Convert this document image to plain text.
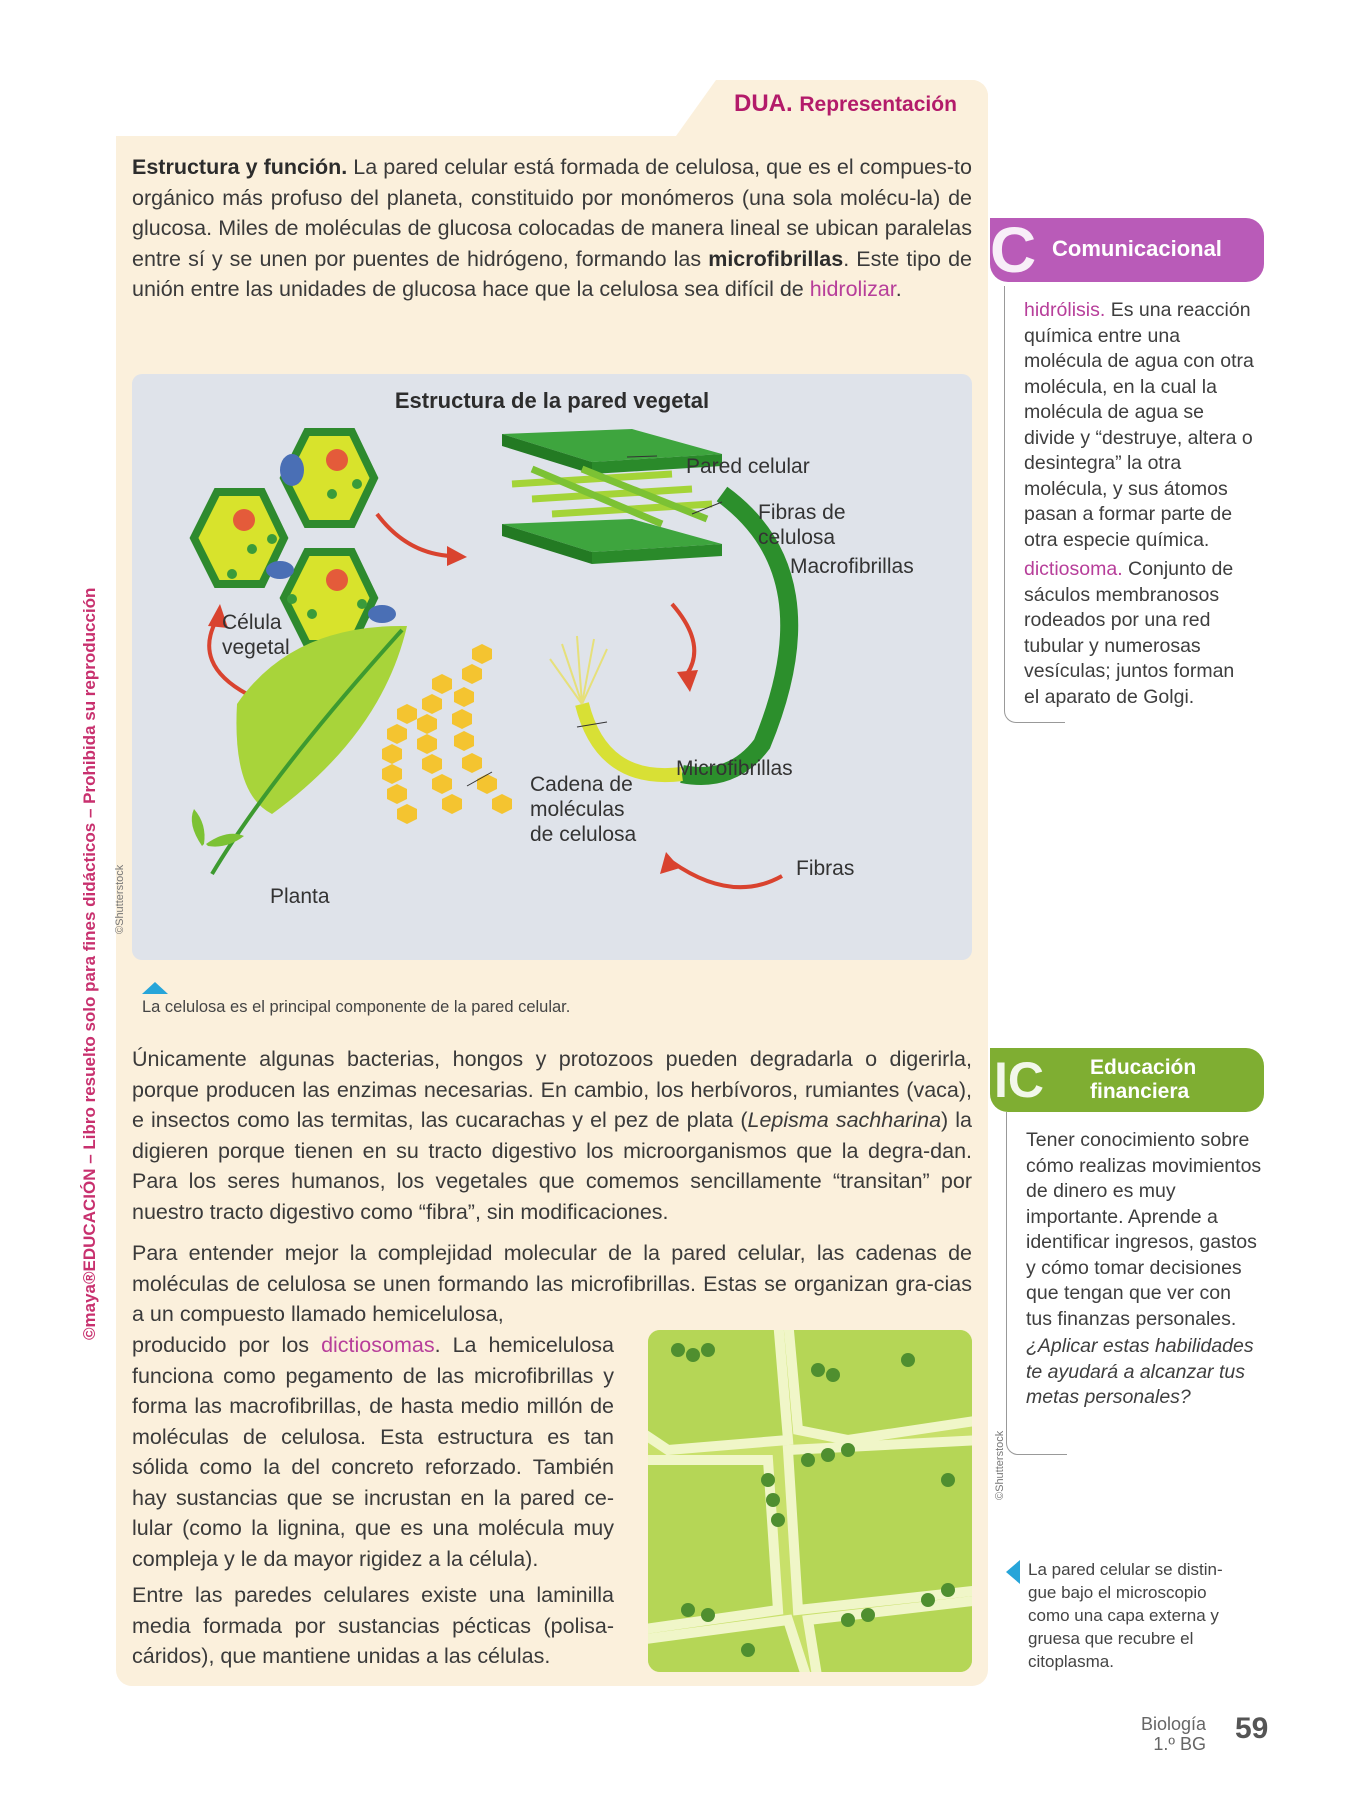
©maya®EDUCACIÓN – Libro resuelto solo para fines didácticos – Prohibida su reproducción
DUA. Representación
Estructura y función. La pared celular está formada de celulosa, que es el compues-to orgánico más profuso del planeta, constituido por monómeros (una sola molécu-la) de glucosa. Miles de moléculas de glucosa colocadas de manera lineal se ubican paralelas entre sí y se unen por puentes de hidrógeno, formando las microfibrillas. Este tipo de unión entre las unidades de glucosa hace que la celulosa sea difícil de hidrolizar.
Estructura de la pared vegetal
Pared celular
Fibras de celulosa
Macrofibrillas
Célula vegetal
Microfibrillas
Cadena de moléculas de celulosa
Fibras
Planta
©Shutterstock
La celulosa es el principal componente de la pared celular.
Únicamente algunas bacterias, hongos y protozoos pueden degradarla o digerirla, porque producen las enzimas necesarias. En cambio, los herbívoros, rumiantes (vaca), e insectos como las termitas, las cucarachas y el pez de plata (Lepisma sachharina) la digieren porque tienen en su tracto digestivo los microorganismos que la degra-dan. Para los seres humanos, los vegetales que comemos sencillamente “transitan” por nuestro tracto digestivo como “fibra”, sin modificaciones.
Para entender mejor la complejidad molecular de la pared celular, las cadenas de moléculas de celulosa se unen formando las microfibrillas. Estas se organizan gra-cias a un compuesto llamado hemicelulosa,
producido por los dictiosomas. La hemicelulosa funciona como pegamento de las microfibrillas y forma las macrofibrillas, de hasta medio millón de moléculas de celulosa. Esta estructura es tan sólida como la del concreto reforzado. También hay sustancias que se incrustan en la pared ce-lular (como la lignina, que es una molécula muy compleja y le da mayor rigidez a la célula).
Entre las paredes celulares existe una laminilla media formada por sustancias pécticas (polisa-cáridos), que mantiene unidas a las células.
©Shutterstock
C Comunicacional
hidrólisis. Es una reacción química entre una molécula de agua con otra molécula, en la cual la molécula de agua se divide y “destruye, altera o desintegra” la otra molécula, y sus átomos pasan a formar parte de otra especie química.
dictiosoma. Conjunto de sáculos membranosos rodeados por una red tubular y numerosas vesículas; juntos forman el aparato de Golgi.
IC Educación financiera
Tener conocimiento sobre cómo realizas movimientos de dinero es muy importante. Aprende a identificar ingresos, gastos y cómo tomar decisiones que tengan que ver con tus finanzas personales.
¿Aplicar estas habilidades te ayudará a alcanzar tus metas personales?
La pared celular se distin-gue bajo el microscopio como una capa externa y gruesa que recubre el citoplasma.
Biología
1.º BG 59
